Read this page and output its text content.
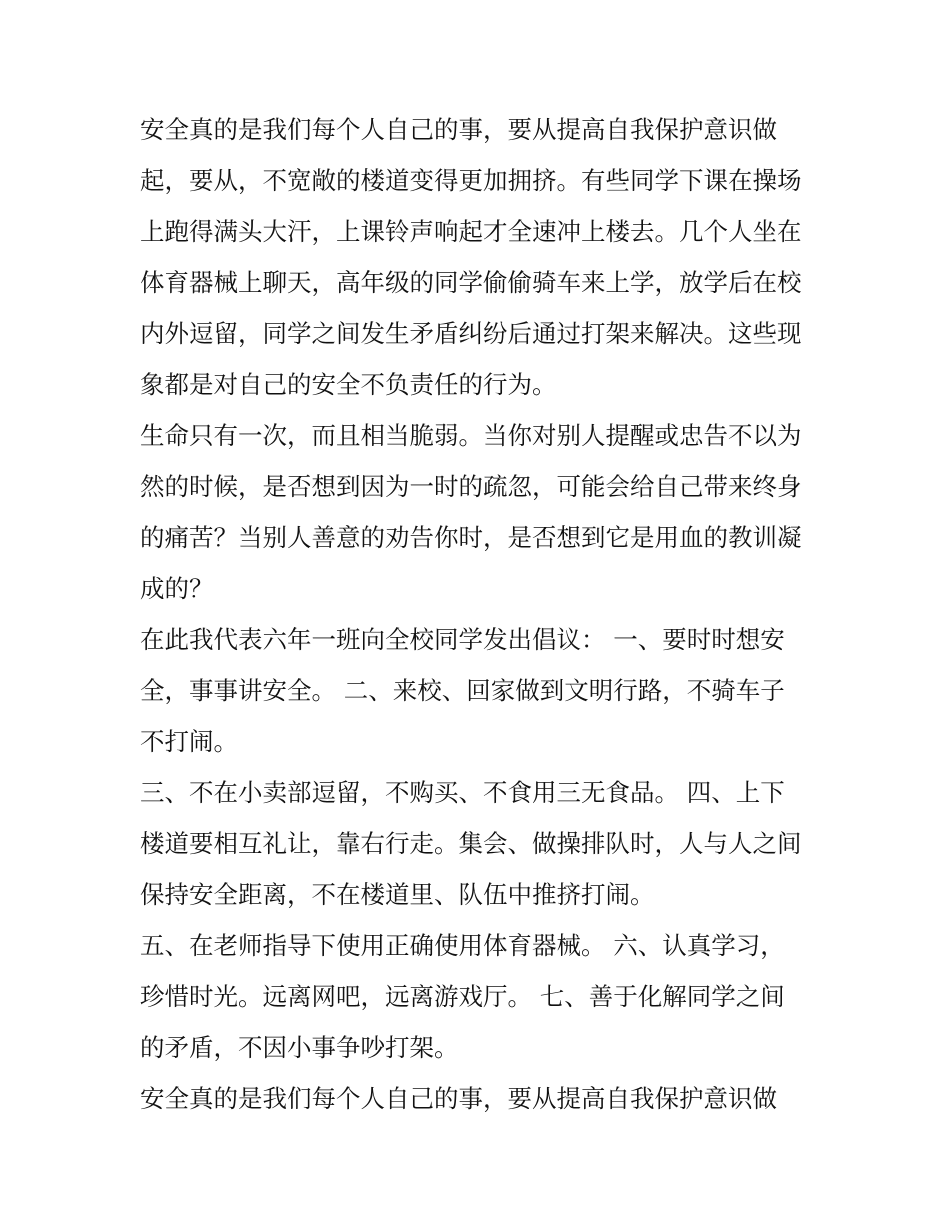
安全真的是我们每个人自己的事，要从提高自我保护意识做
起，要从，不宽敞的楼道变得更加拥挤。有些同学下课在操场
上跑得满头大汗，上课铃声响起才全速冲上楼去。几个人坐在
体育器械上聊天，高年级的同学偷偷骑车来上学，放学后在校
内外逗留，同学之间发生矛盾纠纷后通过打架来解决。这些现
象都是对自己的安全不负责任的行为。
生命只有一次，而且相当脆弱。当你对别人提醒或忠告不以为
然的时候，是否想到因为一时的疏忽，可能会给自己带来终身
的痛苦？当别人善意的劝告你时，是否想到它是用血的教训凝
成的？
在此我代表六年一班向全校同学发出倡议： 一、要时时想安
全，事事讲安全。 二、来校、回家做到文明行路，不骑车子
不打闹。
三、不在小卖部逗留，不购买、不食用三无食品。 四、上下
楼道要相互礼让，靠右行走。集会、做操排队时，人与人之间
保持安全距离，不在楼道里、队伍中推挤打闹。
五、在老师指导下使用正确使用体育器械。 六、认真学习，
珍惜时光。远离网吧，远离游戏厅。 七、善于化解同学之间
的矛盾，不因小事争吵打架。
安全真的是我们每个人自己的事，要从提高自我保护意识做
